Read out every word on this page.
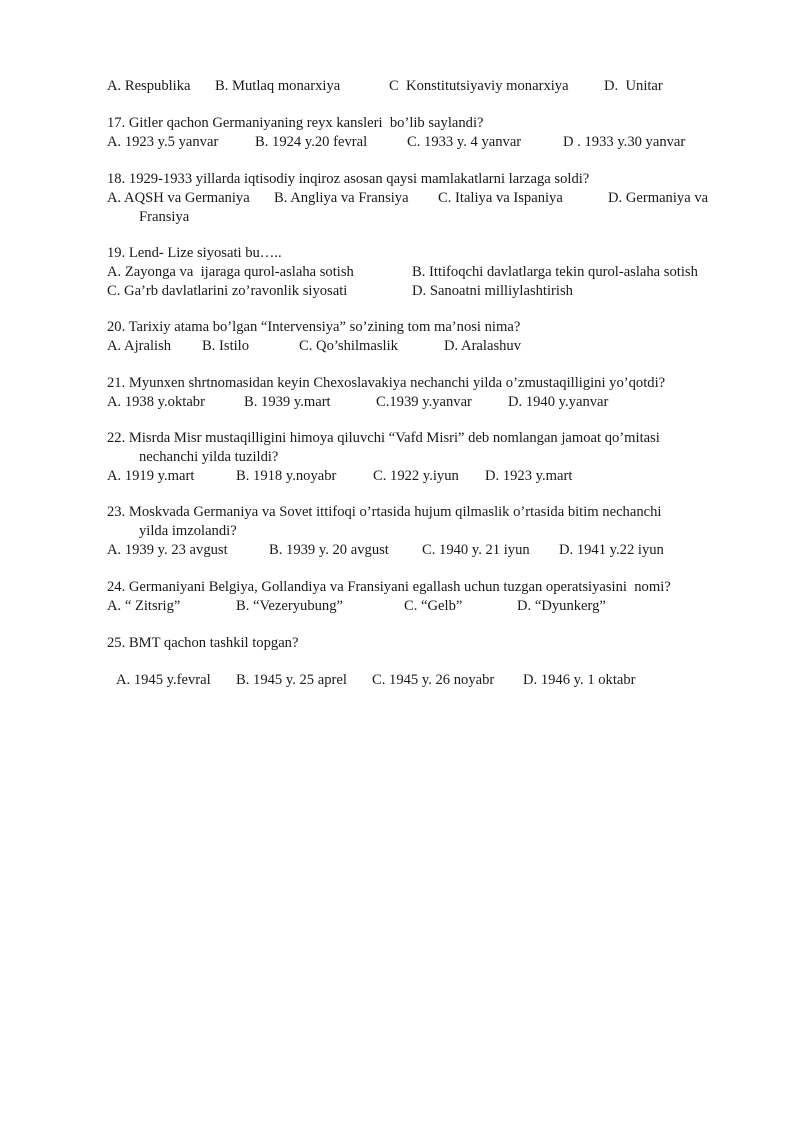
A. Respublika B. Mutlaq monarxiya	C  Konstitutsiyaviy monarxiya D.  Unitar
17. Gitler qachon Germaniyaning reyx kansleri  bo’lib saylandi?
A. 1923 y.5 yanvar	B. 1924 y.20 fevral	C. 1933 y. 4 yanvar	D . 1933 y.30 yanvar
18. 1929-1933 yillarda iqtisodiy inqiroz asosan qaysi mamlakatlarni larzaga soldi?
A. AQSH va Germaniya B. Angliya va Fransiya C. Italiya va Ispaniya	D. Germaniya va
Fransiya
19. Lend- Lize siyosati bu…..
A. Zayonga va  ijaraga qurol-aslaha sotish	B. Ittifoqchi davlatlarga tekin qurol-aslaha sotish
C. Ga’rb davlatlarini zo’ravonlik siyosati	D. Sanoatni milliylashtirish
20. Tarixiy atama bo’lgan “Intervensiya” so’zining tom ma’nosi nima?
A. Ajralish B. Istilo	C. Qo’shilmaslik	D. Aralashuv
21. Myunxen shrtnomasidan keyin Chexoslavakiya nechanchi yilda o’zmustaqilligini yo’qotdi?
A. 1938 y.oktabr	B. 1939 y.mart	C.1939 y.yanvar D. 1940 y.yanvar
22. Misrda Misr mustaqilligini himoya qiluvchi “Vafd Misri” deb nomlangan jamoat qo’mitasi
nechanchi yilda tuzildi?
A. 1919 y.mart	B. 1918 y.noyabr	C. 1922 y.iyun D. 1923 y.mart
23. Moskvada Germaniya va Sovet ittifoqi o’rtasida hujum qilmaslik o’rtasida bitim nechanchi
yilda imzolandi?
A. 1939 y. 23 avgust	B. 1939 y. 20 avgust C. 1940 y. 21 iyun D. 1941 y.22 iyun
24. Germaniyani Belgiya, Gollandiya va Fransiyani egallash uchun tuzgan operatsiyasini  nomi?
A. “ Zitsrig”	B. “Vezeryubung”	C. “Gelb”	D. “Dyunkerg”
25. BMT qachon tashkil topgan?
A. 1945 y.fevral B. 1945 y. 25 aprel C. 1945 y. 26 noyabr D. 1946 y. 1 oktabr
